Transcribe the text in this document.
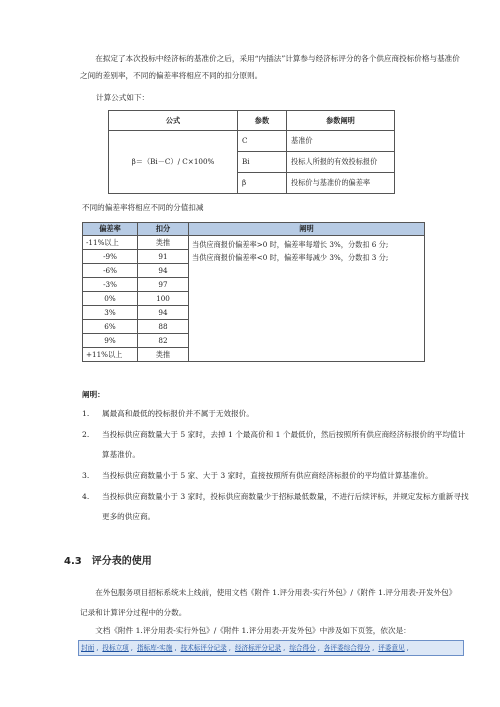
在拟定了本次投标中经济标的基准价之后，采用“内插法”计算参与经济标评分的各个供应商投标价格与基准价之间的差别率，不同的偏差率将相应不同的扣分原则。

计算公式如下：

公式	参数	参数阐明
β＝（Bi－C）/ C×100%	C	基准价
	Bi	投标人所报的有效投标报价
	β	投标价与基准价的偏差率

不同的偏差率将相应不同的分值扣减

偏差率	扣分	阐明
-11%以上	类推	当供应商报价偏差率>0 时，偏差率每增长 3%，分数扣 6 分;
当供应商报价偏差率<0 时，偏差率每减少 3%，分数扣 3 分;

-9%	91	
-6%	94	
-3%	97	
0%	100	
3%	94	
6%	88	
9%	82	
+11%以上	类推	

阐明：

1. 属最高和最低的投标报价并不属于无效报价。
2. 当投标供应商数量大于 5 家时，去掉 1 个最高价和 1 个最低价，然后按照所有供应商经济标报价的平均值计算基准价。
3. 当投标供应商数量小于 5 家、大于 3 家时，直接按照所有供应商经济标报价的平均值计算基准价。
4. 当投标供应商数量小于 3 家时，投标供应商数量少于招标最低数量，不进行后续评标，并规定发标方重新寻找更多的供应商。
4.3 评分表的使用

在外包服务项目招标系统未上线前，使用文档《附件 1.评分用表-实行外包》/《附件 1.评分用表-开发外包》记录和计算评分过程中的分数。

文档《附件 1.评分用表-实行外包》/《附件 1.评分用表-开发外包》中涉及如下页签，依次是：

封面 , 投标立项 , 指标库-实施 , 技术标评分记录 , 经济标评分记录 , 综合得分 , 各评委综合得分 , 评委意见 ,
